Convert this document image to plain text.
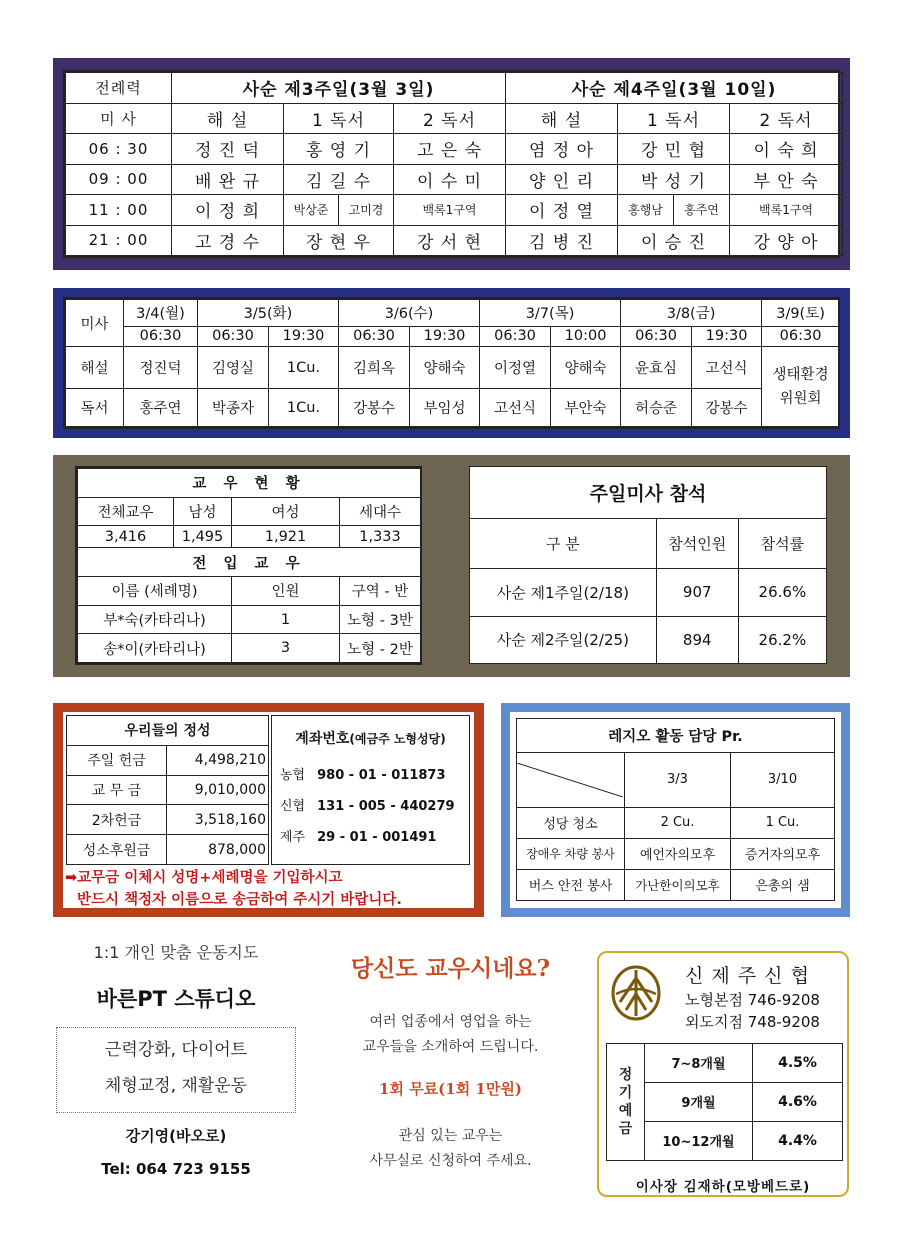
전례력	사순 제3주일(3월 3일)				사순 제4주일(3월 10일)			
미 사	해 설	1 독서		2 독서	해 설	1 독서		2 독서
06 : 30	정 진 덕	홍 영 기		고 은 숙	염 정 아	강 민 협		이 숙 희
09 : 00	배 완 규	김 길 수		이 수 미	양 인 리	박 성 기		부 안 숙
11 : 00	이 정 희	박상준	고미경	백록1구역	이 정 열	홍행남	홍주연	백록1구역
21 : 00	고 경 수	장 현 우		강 서 현	김 병 진	이 승 진		강 양 아
미사	3/4(월)	3/5(화)		3/6(수)		3/7(목)		3/8(금)		3/9(토)
	06:30	06:30	19:30	06:30	19:30	06:30	10:00	06:30	19:30	06:30
해설	정진덕	김영실	1Cu.	김희옥	양해숙	이정열	양해숙	윤효심	고선식	생태환경
위원회
독서	홍주연	박종자	1Cu.	강봉수	부임성	고선식	부안숙	허승준	강봉수	
교 우 현 황			
전체교우	남성	여성	세대수
3,416	1,495	1,921	1,333
전 입 교 우			
이름 (세례명)		인원	구역 - 반
부*숙(카타리나)		1	노형 - 3반
송*이(카타리나)		3	노형 - 2반
주일미사 참석		
구 분	참석인원	참석률
사순 제1주일(2/18)	907	26.6%
사순 제2주일(2/25)	894	26.2%
우리들의 정성	
주일 헌금	4,498,210
교 무 금	9,010,000
2차헌금	3,518,160
성소후원금	878,000
계좌번호(예금주 노형성당)
농협 980 - 01 - 011873
신협 131 - 005 - 440279
제주 29 - 01 - 001491
➡교무금 이체시 성명+세례명을 기입하시고
반드시 책정자 이름으로 송금하여 주시기 바랍니다.
레지오 활동 담당 Pr.		

	3/3	3/10
성당 청소	2 Cu.	1 Cu.
장애우 차량 봉사	예언자의모후	증거자의모후
버스 안전 봉사	가난한이의모후	은총의 샘
1:1 개인 맞춤 운동지도
바른PT 스튜디오
근력강화, 다이어트
체형교정, 재활운동
강기영(바오로)
Tel: 064 723 9155
당신도 교우시네요?
여러 업종에서 영업을 하는
교우들을 소개하여 드립니다.
1회 무료(1회 1만원)
관심 있는 교우는
사무실로 신청하여 주세요.
신 제 주 신 협
노형본점 746-9208
외도지점 748-9208
정
기
예
금	7~8개월	4.5%
	9개월	4.6%
	10~12개월	4.4%
이사장 김재하(모방베드로)
